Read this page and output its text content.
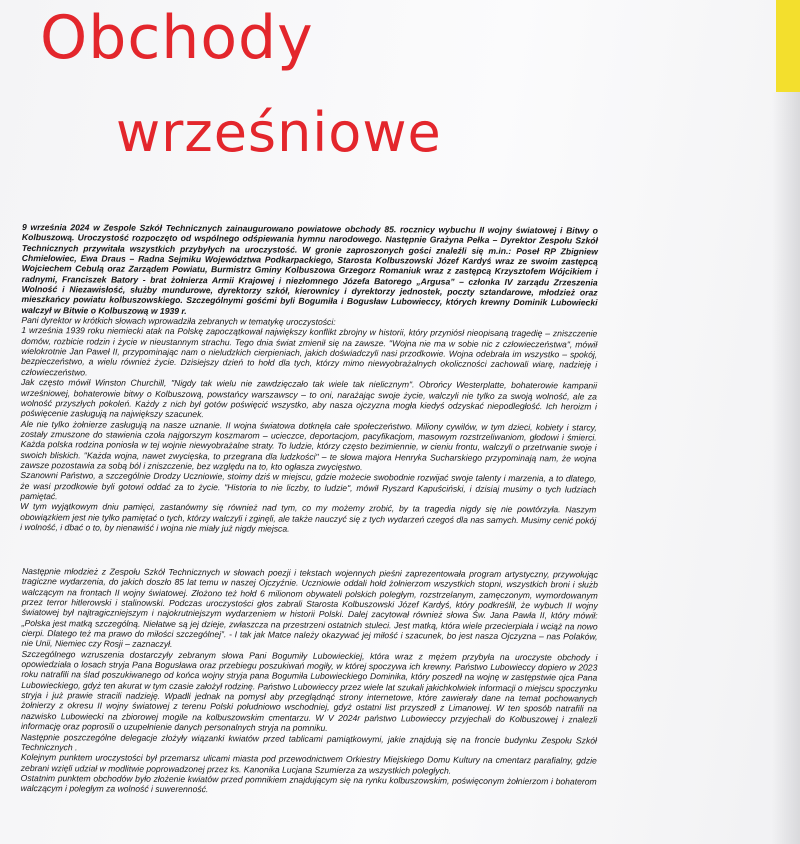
Obchody
wrześniowe

9 września 2024 w Zespole Szkół Technicznych zainaugurowano powiatowe obchody 85. rocznicy wybuchu II wojny światowej i Bitwy o Kolbuszową. Uroczystość rozpoczęto od wspólnego odśpiewania hymnu narodowego. Następnie Grażyna Pełka – Dyrektor Zespołu Szkół Technicznych przywitała wszystkich przybyłych na uroczystość. W gronie zaproszonych gości znaleźli się m.in.: Poseł RP Zbigniew Chmielowiec, Ewa Draus – Radna Sejmiku Województwa Podkarpackiego, Starosta Kolbuszowski Józef Kardyś wraz ze swoim zastępcą Wojciechem Cebulą oraz Zarządem Powiatu, Burmistrz Gminy Kolbuszowa Grzegorz Romaniuk wraz z zastępcą Krzysztofem Wójcikiem i radnymi, Franciszek Batory - brat żołnierza Armii Krajowej i niezłomnego Józefa Batorego „Argusa” – członka IV zarządu Zrzeszenia Wolność i Niezawisłość, służby mundurowe, dyrektorzy szkół, kierownicy i dyrektorzy jednostek, poczty sztandarowe, młodzież oraz mieszkańcy powiatu kolbuszowskiego. Szczególnymi gośćmi byli Bogumiła i Bogusław Lubowieccy, których krewny Dominik Lubowiecki walczył w Bitwie o Kolbuszową w 1939 r.

Pani dyrektor w krótkich słowach wprowadziła zebranych w tematykę uroczystości:

1 września 1939 roku niemiecki atak na Polskę zapoczątkował największy konflikt zbrojny w historii, który przyniósł nieopisaną tragedię – zniszczenie domów, rozbicie rodzin i życie w nieustannym strachu. Tego dnia świat zmienił się na zawsze. "Wojna nie ma w sobie nic z człowieczeństwa", mówił wielokrotnie Jan Paweł II, przypominając nam o nieludzkich cierpieniach, jakich doświadczyli nasi przodkowie. Wojna odebrała im wszystko – spokój, bezpieczeństwo, a wielu również życie. Dzisiejszy dzień to hołd dla tych, którzy mimo niewyobrażalnych okoliczności zachowali wiarę, nadzieję i człowieczeństwo.

Jak często mówił Winston Churchill, "Nigdy tak wielu nie zawdzięczało tak wiele tak nielicznym". Obrońcy Westerplatte, bohaterowie kampanii wrześniowej, bohaterowie bitwy o Kolbuszową, powstańcy warszawscy – to oni, narażając swoje życie, walczyli nie tylko za swoją wolność, ale za wolność przyszłych pokoleń. Każdy z nich był gotów poświęcić wszystko, aby nasza ojczyzna mogła kiedyś odzyskać niepodległość. Ich heroizm i poświęcenie zasługują na największy szacunek.

Ale nie tylko żołnierze zasługują na nasze uznanie. II wojna światowa dotknęła całe społeczeństwo. Miliony cywilów, w tym dzieci, kobiety i starcy, zostały zmuszone do stawienia czoła najgorszym koszmarom – ucieczce, deportacjom, pacyfikacjom, masowym rozstrzeliwaniom, głodowi i śmierci. Każda polska rodzina poniosła w tej wojnie niewyobrażalne straty. To ludzie, którzy często bezimiennie, w cieniu frontu, walczyli o przetrwanie swoje i swoich bliskich. "Każda wojna, nawet zwycięska, to przegrana dla ludzkości" – te słowa majora Henryka Sucharskiego przypominają nam, że wojna zawsze pozostawia za sobą ból i zniszczenie, bez względu na to, kto ogłasza zwycięstwo.

Szanowni Państwo, a szczególnie Drodzy Uczniowie, stoimy dziś w miejscu, gdzie możecie swobodnie rozwijać swoje talenty i marzenia, a to dlatego, że wasi przodkowie byli gotowi oddać za to życie. "Historia to nie liczby, to ludzie", mówił Ryszard Kapuściński, i dzisiaj musimy o tych ludziach pamiętać.

W tym wyjątkowym dniu pamięci, zastanówmy się również nad tym, co my możemy zrobić, by ta tragedia nigdy się nie powtórzyła. Naszym obowiązkiem jest nie tylko pamiętać o tych, którzy walczyli i zginęli, ale także nauczyć się z tych wydarzeń czegoś dla nas samych. Musimy cenić pokój i wolność, i dbać o to, by nienawiść i wojna nie miały już nigdy miejsca.

Następnie młodzież z Zespołu Szkół Technicznych w słowach poezji i tekstach wojennych pieśni zaprezentowała program artystyczny, przywołując tragiczne wydarzenia, do jakich doszło 85 lat temu w naszej Ojczyźnie. Uczniowie oddali hołd żołnierzom wszystkich stopni, wszystkich broni i służb walczącym na frontach II wojny światowej. Złożono też hołd 6 milionom obywateli polskich poległym, rozstrzelanym, zamęczonym, wymordowanym przez terror hitlerowski i stalinowski. Podczas uroczystości głos zabrali Starosta Kolbuszowski Józef Kardyś, który podkreślił, że wybuch II wojny światowej był najtragiczniejszym i najokrutniejszym wydarzeniem w historii Polski. Dalej zacytował również słowa Św. Jana Pawła II, który mówił: „Polska jest matką szczególną. Niełatwe są jej dzieje, zwłaszcza na przestrzeni ostatnich stuleci. Jest matką, która wiele przecierpiała i wciąż na nowo cierpi. Dlatego też ma prawo do miłości szczególnej”. - I tak jak Matce należy okazywać jej miłość i szacunek, bo jest nasza Ojczyzna – nas Polaków, nie Unii, Niemiec czy Rosji – zaznaczył.

Szczególnego wzruszenia dostarczyły zebranym słowa Pani Bogumiły Lubowieckiej, która wraz z mężem przybyła na uroczyste obchody i opowiedziała o losach stryja Pana Bogusława oraz przebiegu poszukiwań mogiły, w której spoczywa ich krewny. Państwo Lubowieccy dopiero w 2023 roku natrafili na ślad poszukiwanego od końca wojny stryja pana Bogumiła Lubowieckiego Dominika, który poszedł na wojnę w zastępstwie ojca Pana Lubowieckiego, gdyż ten akurat w tym czasie założył rodzinę. Państwo Lubowieccy przez wiele lat szukali jakichkolwiek informacji o miejscu spoczynku stryja i już prawie stracili nadzieję. Wpadli jednak na pomysł aby przeglądnąć strony internetowe, które zawierały dane na temat pochowanych żołnierzy z okresu II wojny światowej z terenu Polski południowo wschodniej, gdyż ostatni list przyszedł z Limanowej. W ten sposób natrafili na nazwisko Lubowiecki na zbiorowej mogile na kolbuszowskim cmentarzu. W V 2024r państwo Lubowieccy przyjechali do Kolbuszowej i znalezli informację oraz poprosili o uzupełnienie danych personalnych stryja na pomniku.

Następnie poszczególne delegacje złożyły wiązanki kwiatów przed tablicami pamiątkowymi, jakie znajdują się na froncie budynku Zespołu Szkół Technicznych .

Kolejnym punktem uroczystości był przemarsz ulicami miasta pod przewodnictwem Orkiestry Miejskiego Domu Kultury na cmentarz parafialny, gdzie zebrani wzięli udział w modlitwie poprowadzonej przez ks. Kanonika Lucjana Szumierza za wszystkich poległych.

Ostatnim punktem obchodów było złożenie kwiatów przed pomnikiem znajdującym się na rynku kolbuszowskim, poświęconym żołnierzom i bohaterom walczącym i poległym za wolność i suwerenność.
